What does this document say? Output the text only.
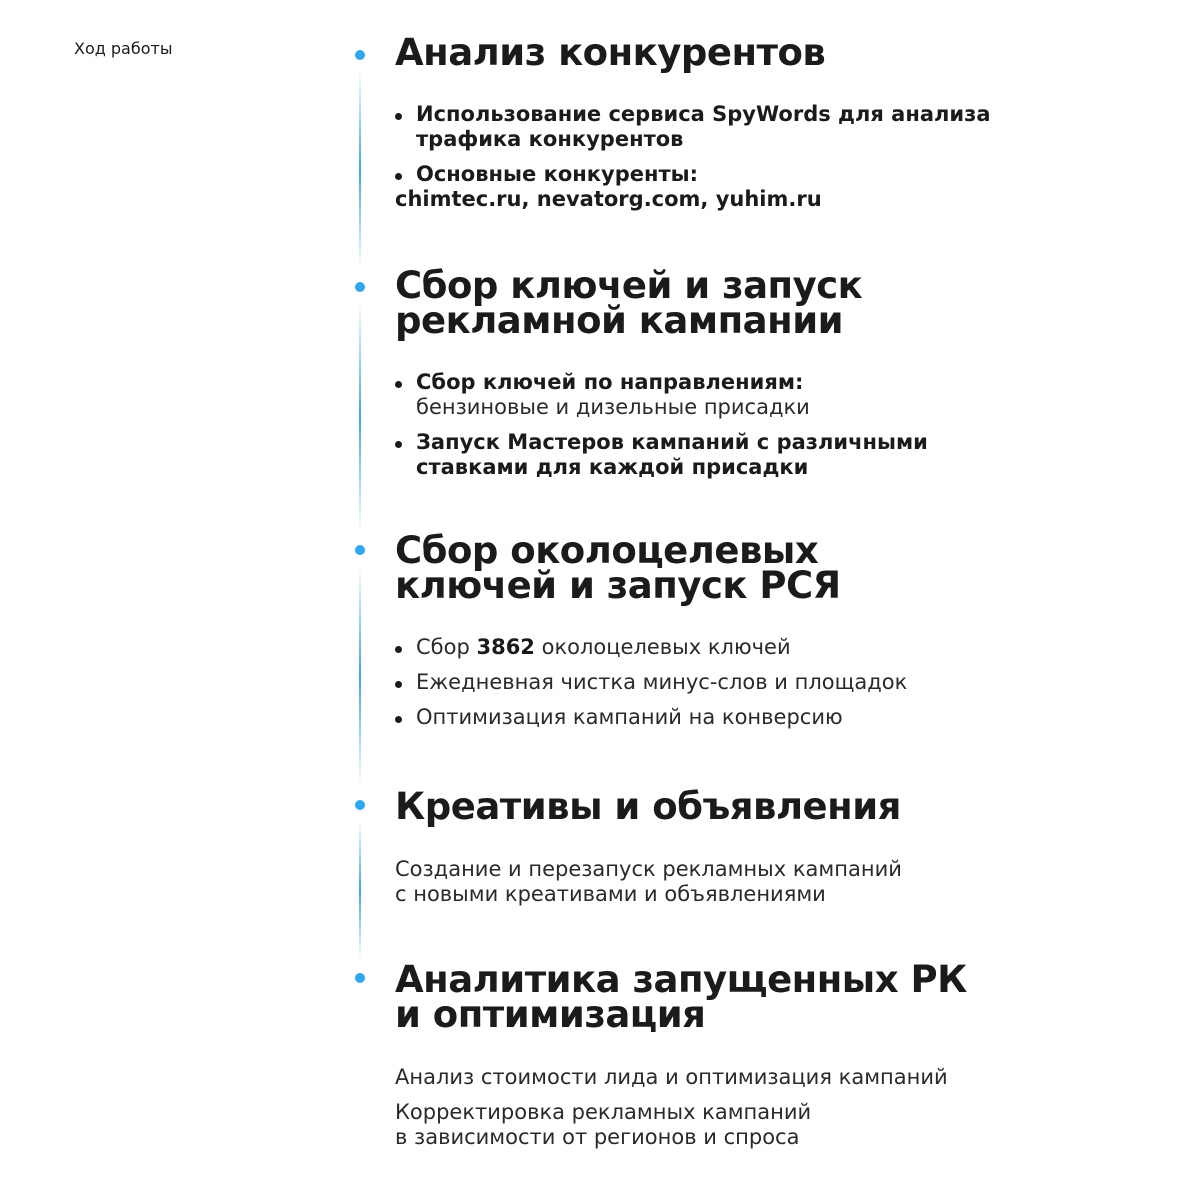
Ход работы	Анализ конкурентов
Использование сервиса SpyWords для анализа
трафика конкурентов
Основные конкуренты:
chimtec.ru, nevatorg.com, yuhim.ru
Сбор ключей и запуск
рекламной кампании
Сбор ключей по направлениям:
бензиновые и дизельные присадки
Запуск Мастеров кампаний с различными
ставками для каждой присадки
Сбор околоцелевых
ключей и запуск РСЯ
Сбор 3862 околоцелевых ключей
Ежедневная чистка минус-слов и площадок
Оптимизация кампаний на конверсию
Креативы и объявления

Создание и перезапуск рекламных кампаний
с новыми креативами и объявлениями

Аналитика запущенных РК
и оптимизация

Анализ стоимости лида и оптимизация кампаний

Корректировка рекламных кампаний
в зависимости от регионов и спроса
